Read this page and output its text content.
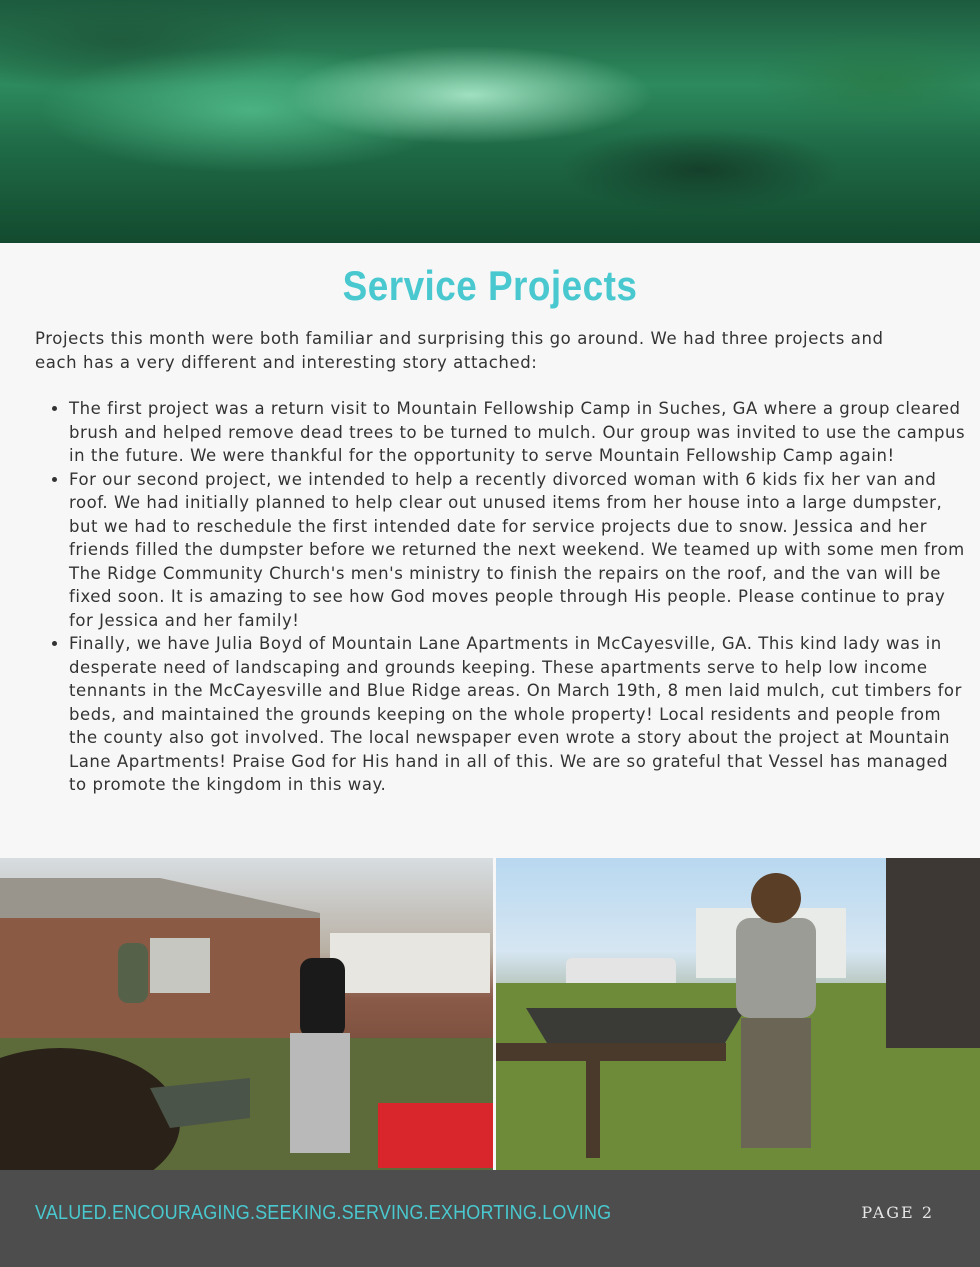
Service Projects

Projects this month were both familiar and surprising this go around. We had three projects and each has a very different and interesting story attached:

• The first project was a return visit to Mountain Fellowship Camp in Suches, GA where a group cleared brush and helped remove dead trees to be turned to mulch. Our group was invited to use the campus in the future. We were thankful for the opportunity to serve Mountain Fellowship Camp again!
• For our second project, we intended to help a recently divorced woman with 6 kids fix her van and roof. We had initially planned to help clear out unused items from her house into a large dumpster, but we had to reschedule the first intended date for service projects due to snow. Jessica and her friends filled the dumpster before we returned the next weekend. We teamed up with some men from The Ridge Community Church's men's ministry to finish the repairs on the roof, and the van will be fixed soon. It is amazing to see how God moves people through His people. Please continue to pray for Jessica and her family!
• Finally, we have Julia Boyd of Mountain Lane Apartments in McCayesville, GA. This kind lady was in desperate need of landscaping and grounds keeping. These apartments serve to help low income tennants in the McCayesville and Blue Ridge areas. On March 19th, 8 men laid mulch, cut timbers for beds, and maintained the grounds keeping on the whole property! Local residents and people from the county also got involved. The local newspaper even wrote a story about the project at Mountain Lane Apartments! Praise God for His hand in all of this. We are so grateful that Vessel has managed to promote the kingdom in this way.

VALUED.ENCOURAGING.SEEKING.SERVING.EXHORTING.LOVING	PAGE 2
